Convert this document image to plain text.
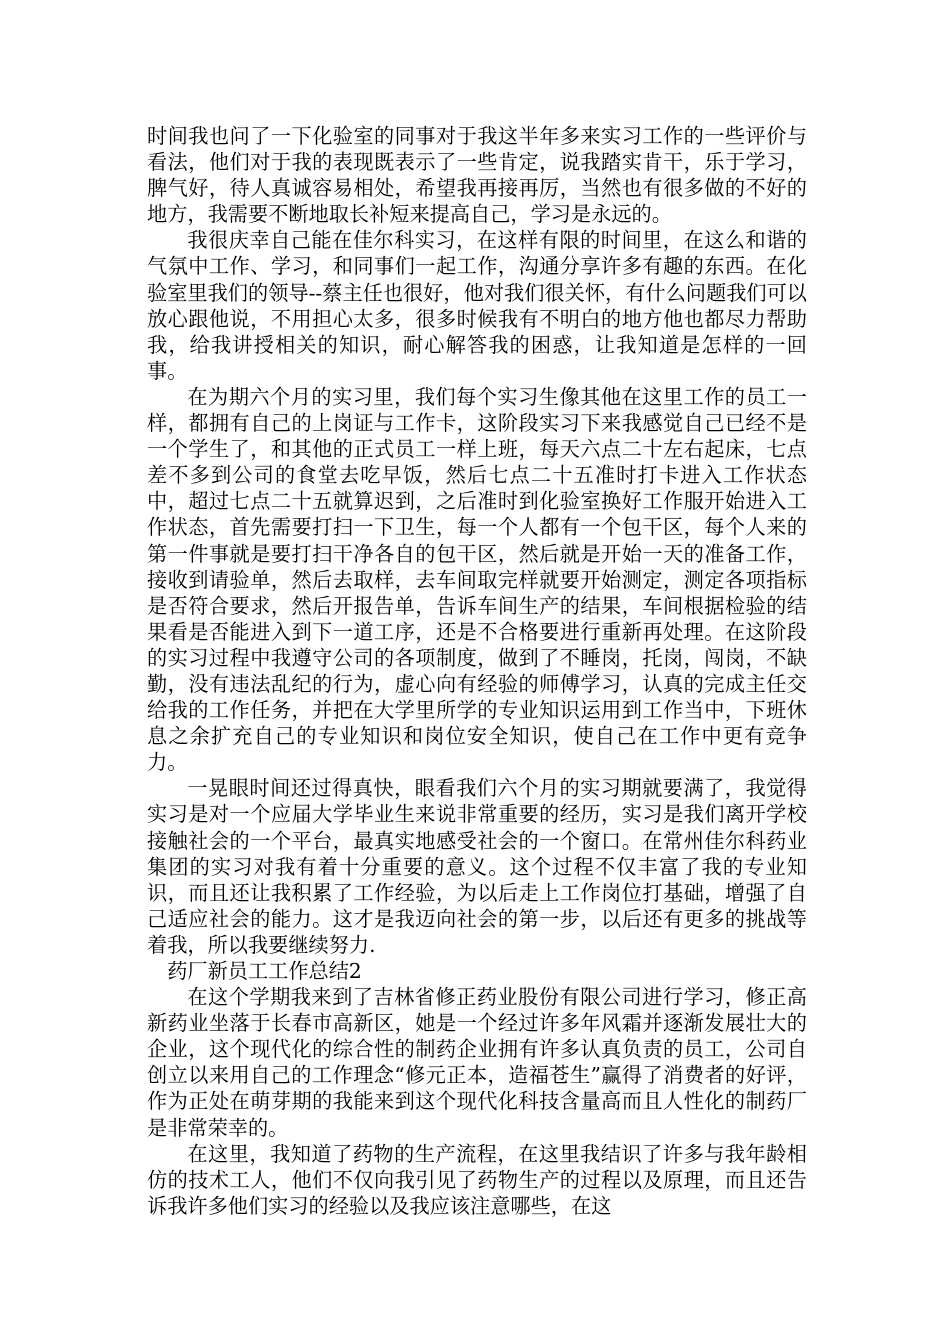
时间我也问了一下化验室的同事对于我这半年多来实习工作的一些评价与看法，他们对于我的表现既表示了一些肯定，说我踏实肯干，乐于学习，脾气好，待人真诚容易相处，希望我再接再厉，当然也有很多做的不好的地方，我需要不断地取长补短来提高自己，学习是永远的。

我很庆幸自己能在佳尔科实习，在这样有限的时间里，在这么和谐的气氛中工作、学习，和同事们一起工作，沟通分享许多有趣的东西。在化验室里我们的领导--蔡主任也很好，他对我们很关怀，有什么问题我们可以放心跟他说，不用担心太多，很多时候我有不明白的地方他也都尽力帮助我，给我讲授相关的知识，耐心解答我的困惑，让我知道是怎样的一回事。

在为期六个月的实习里，我们每个实习生像其他在这里工作的员工一样，都拥有自己的上岗证与工作卡，这阶段实习下来我感觉自己已经不是一个学生了，和其他的正式员工一样上班，每天六点二十左右起床，七点差不多到公司的食堂去吃早饭，然后七点二十五准时打卡进入工作状态中，超过七点二十五就算迟到，之后准时到化验室换好工作服开始进入工作状态，首先需要打扫一下卫生，每一个人都有一个包干区，每个人来的第一件事就是要打扫干净各自的包干区，然后就是开始一天的准备工作，接收到请验单，然后去取样，去车间取完样就要开始测定，测定各项指标是否符合要求，然后开报告单，告诉车间生产的结果，车间根据检验的结果看是否能进入到下一道工序，还是不合格要进行重新再处理。在这阶段的实习过程中我遵守公司的各项制度，做到了不睡岗，托岗，闯岗，不缺勤，没有违法乱纪的行为，虚心向有经验的师傅学习，认真的完成主任交给我的工作任务，并把在大学里所学的专业知识运用到工作当中，下班休息之余扩充自己的专业知识和岗位安全知识，使自己在工作中更有竞争力。

一晃眼时间还过得真快，眼看我们六个月的实习期就要满了，我觉得实习是对一个应届大学毕业生来说非常重要的经历，实习是我们离开学校接触社会的一个平台，最真实地感受社会的一个窗口。在常州佳尔科药业集团的实习对我有着十分重要的意义。这个过程不仅丰富了我的专业知识，而且还让我积累了工作经验，为以后走上工作岗位打基础，增强了自己适应社会的能力。这才是我迈向社会的第一步，以后还有更多的挑战等着我，所以我要继续努力.

药厂新员工工作总结2

在这个学期我来到了吉林省修正药业股份有限公司进行学习，修正高新药业坐落于长春市高新区，她是一个经过许多年风霜并逐渐发展壮大的企业，这个现代化的综合性的制药企业拥有许多认真负责的员工，公司自创立以来用自己的工作理念“修元正本，造福苍生”赢得了消费者的好评，作为正处在萌芽期的我能来到这个现代化科技含量高而且人性化的制药厂是非常荣幸的。

在这里，我知道了药物的生产流程，在这里我结识了许多与我年龄相仿的技术工人，他们不仅向我引见了药物生产的过程以及原理，而且还告诉我许多他们实习的经验以及我应该注意哪些，在这
